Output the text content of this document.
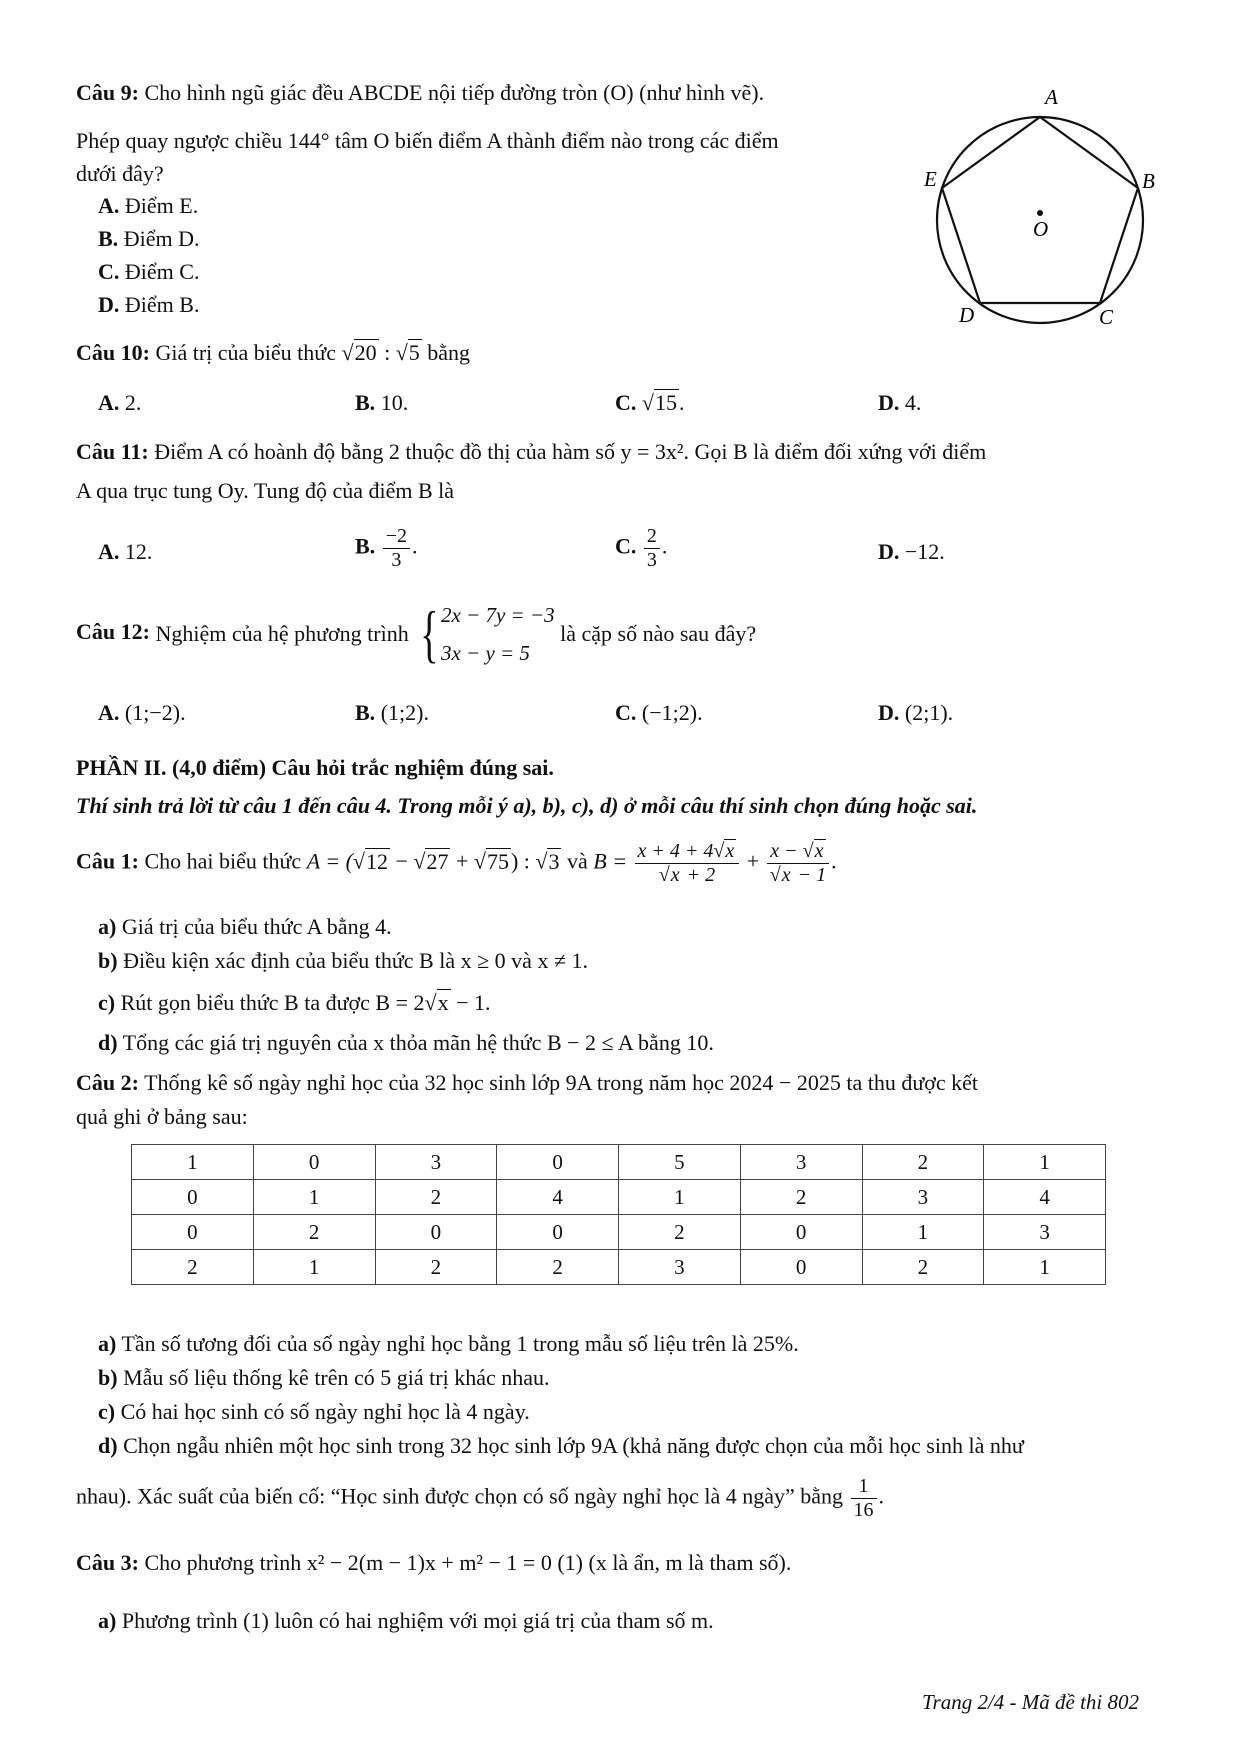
Câu 9: Cho hình ngũ giác đều ABCDE nội tiếp đường tròn (O) (như hình vẽ).
Phép quay ngược chiều 144° tâm O biến điểm A thành điểm nào trong các điểm
dưới đây?
A. Điểm E.
B. Điểm D.
C. Điểm C.
D. Điểm B.
A
B
C
D
E
O
Câu 10: Giá trị của biểu thức √20 : √5 bằng
A. 2.	B. 10.	C. √15.	D. 4.
Câu 11: Điểm A có hoành độ bằng 2 thuộc đồ thị của hàm số y = 3x². Gọi B là điểm đối xứng với điểm
A qua trục tung Oy. Tung độ của điểm B là
A. 12.	B. $\frac{-2}{3}$ .	C. $\frac{2}{3}$ .	D. −12.
Câu 12: Nghiệm của hệ phương trình { 2x − 7y = −3
3x − y = 5
là cặp số nào sau đây?
A. (1;−2).	B. (1;2).	C. (−1;2).	D. (2;1).
PHẦN II. (4,0 điểm) Câu hỏi trắc nghiệm đúng sai.
Thí sinh trả lời từ câu 1 đến câu 4. Trong mỗi ý a), b), c), d) ở mỗi câu thí sinh chọn đúng hoặc sai.
Câu 1: Cho hai biểu thức A = (√12 − √27 + √75) : √3 và $B = \frac{x + 4 + 4√x}{√x + 2} + \frac{x - √x}{√x - 1}$ .
a) Giá trị của biểu thức A bằng 4.
b) Điều kiện xác định của biểu thức B là x ≥ 0 và x ≠ 1.
c) Rút gọn biểu thức B ta được B = 2√x − 1.
d) Tổng các giá trị nguyên của x thỏa mãn hệ thức B − 2 ≤ A bằng 10.
Câu 2: Thống kê số ngày nghỉ học của 32 học sinh lớp 9A trong năm học 2024 − 2025 ta thu được kết
quả ghi ở bảng sau:
1	0	3	0	5	3	2	1
0	1	2	4	1	2	3	4
0	2	0	0	2	0	1	3
2	1	2	2	3	0	2	1
a) Tần số tương đối của số ngày nghỉ học bằng 1 trong mẫu số liệu trên là 25%.
b) Mẫu số liệu thống kê trên có 5 giá trị khác nhau.
c) Có hai học sinh có số ngày nghỉ học là 4 ngày.
d) Chọn ngẫu nhiên một học sinh trong 32 học sinh lớp 9A (khả năng được chọn của mỗi học sinh là như
nhau). Xác suất của biến cố: “Học sinh được chọn có số ngày nghỉ học là 4 ngày” bằng $\frac{1}{16}$ .
Câu 3: Cho phương trình x² − 2(m − 1)x + m² − 1 = 0 (1) (x là ẩn, m là tham số).
a) Phương trình (1) luôn có hai nghiệm với mọi giá trị của tham số m.
Trang 2/4 - Mã đề thi 802
